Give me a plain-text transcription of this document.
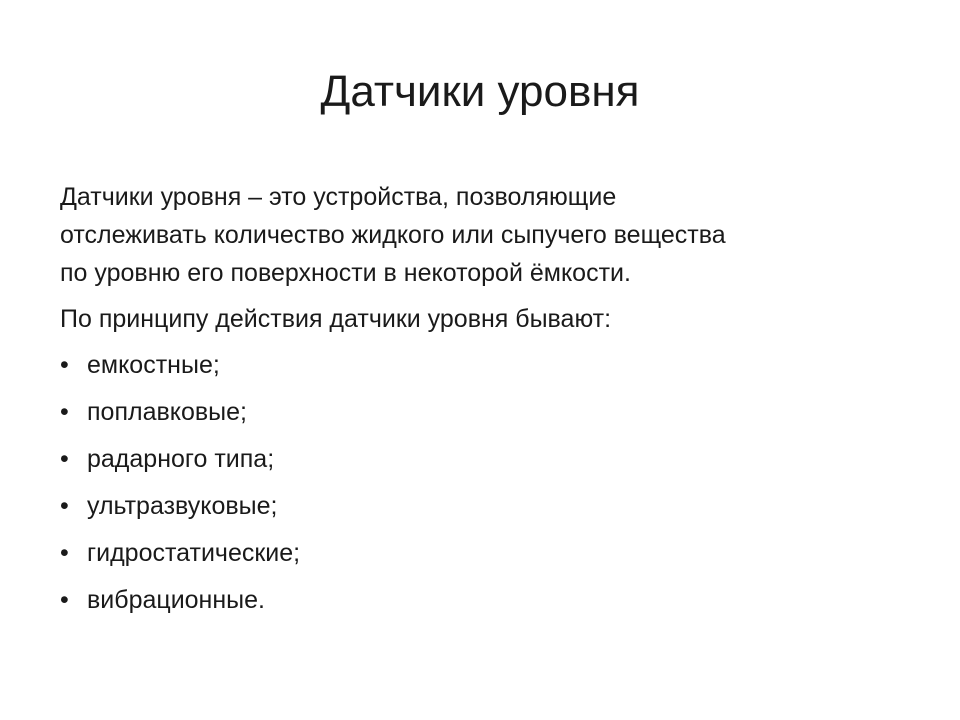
Датчики уровня

Датчики уровня – это устройства, позволяющие
отслеживать количество жидкого или сыпучего вещества
по уровню его поверхности в некоторой ёмкости.

По принципу действия датчики уровня бывают:

• емкостные;
• поплавковые;
• радарного типа;
• ультразвуковые;
• гидростатические;
• вибрационные.
